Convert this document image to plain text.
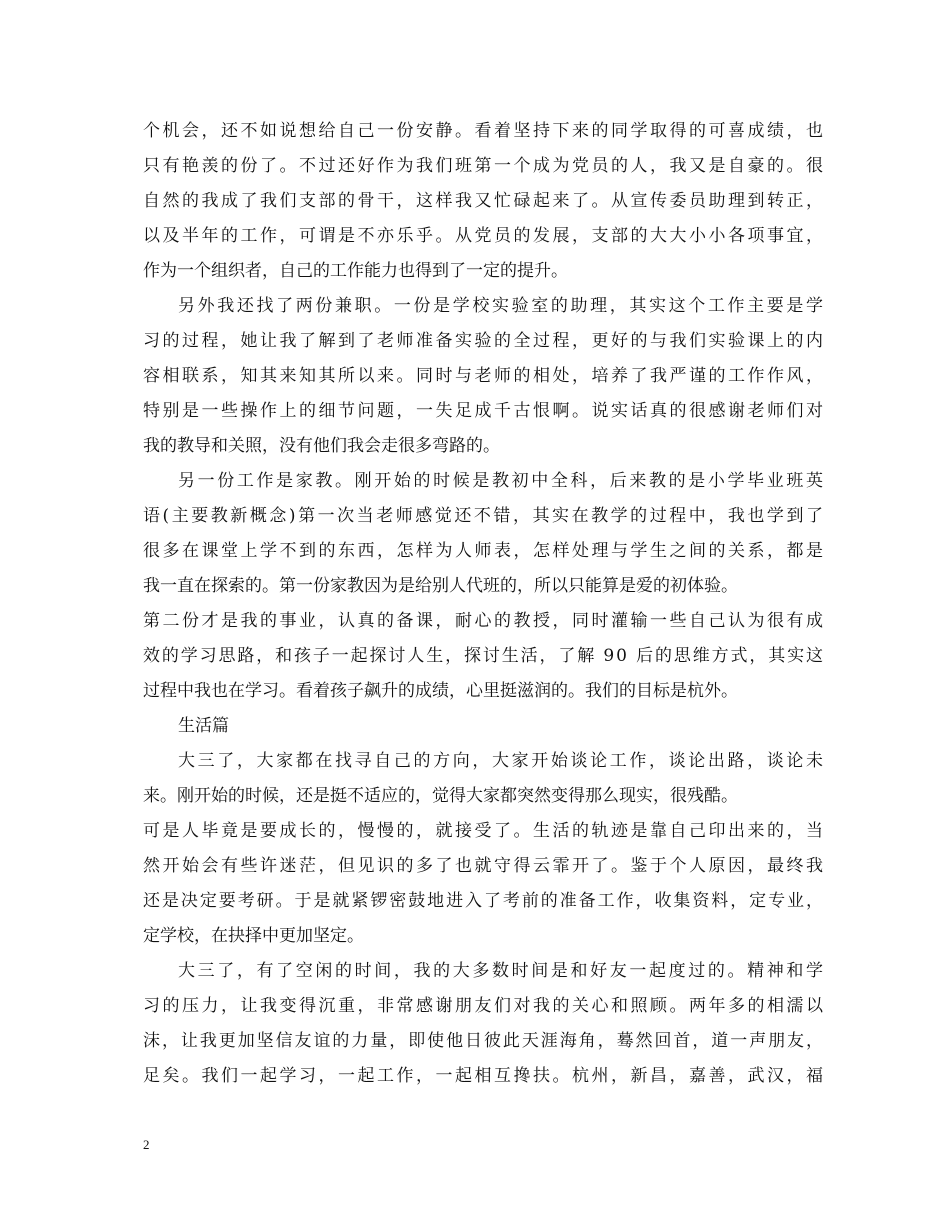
个机会，还不如说想给自己一份安静。看着坚持下来的同学取得的可喜成绩，也
只有艳羡的份了。不过还好作为我们班第一个成为党员的人，我又是自豪的。很
自然的我成了我们支部的骨干，这样我又忙碌起来了。从宣传委员助理到转正，
以及半年的工作，可谓是不亦乐乎。从党员的发展，支部的大大小小各项事宜，
作为一个组织者，自己的工作能力也得到了一定的提升。
另外我还找了两份兼职。一份是学校实验室的助理，其实这个工作主要是学
习的过程，她让我了解到了老师准备实验的全过程，更好的与我们实验课上的内
容相联系，知其来知其所以来。同时与老师的相处，培养了我严谨的工作作风，
特别是一些操作上的细节问题，一失足成千古恨啊。说实话真的很感谢老师们对
我的教导和关照，没有他们我会走很多弯路的。
另一份工作是家教。刚开始的时候是教初中全科，后来教的是小学毕业班英
语(主要教新概念)第一次当老师感觉还不错，其实在教学的过程中，我也学到了
很多在课堂上学不到的东西，怎样为人师表，怎样处理与学生之间的关系，都是
我一直在探索的。第一份家教因为是给别人代班的，所以只能算是爱的初体验。
第二份才是我的事业，认真的备课，耐心的教授，同时灌输一些自己认为很有成
效的学习思路，和孩子一起探讨人生，探讨生活，了解 90 后的思维方式，其实这
过程中我也在学习。看着孩子飙升的成绩，心里挺滋润的。我们的目标是杭外。
生活篇
大三了，大家都在找寻自己的方向，大家开始谈论工作，谈论出路，谈论未
来。刚开始的时候，还是挺不适应的，觉得大家都突然变得那么现实，很残酷。
可是人毕竟是要成长的，慢慢的，就接受了。生活的轨迹是靠自己印出来的，当
然开始会有些许迷茫，但见识的多了也就守得云霏开了。鉴于个人原因，最终我
还是决定要考研。于是就紧锣密鼓地进入了考前的准备工作，收集资料，定专业，
定学校，在抉择中更加坚定。
大三了，有了空闲的时间，我的大多数时间是和好友一起度过的。精神和学
习的压力，让我变得沉重，非常感谢朋友们对我的关心和照顾。两年多的相濡以
沫，让我更加坚信友谊的力量，即使他日彼此天涯海角，蓦然回首，道一声朋友，
足矣。我们一起学习，一起工作，一起相互搀扶。杭州，新昌，嘉善，武汉，福
2
